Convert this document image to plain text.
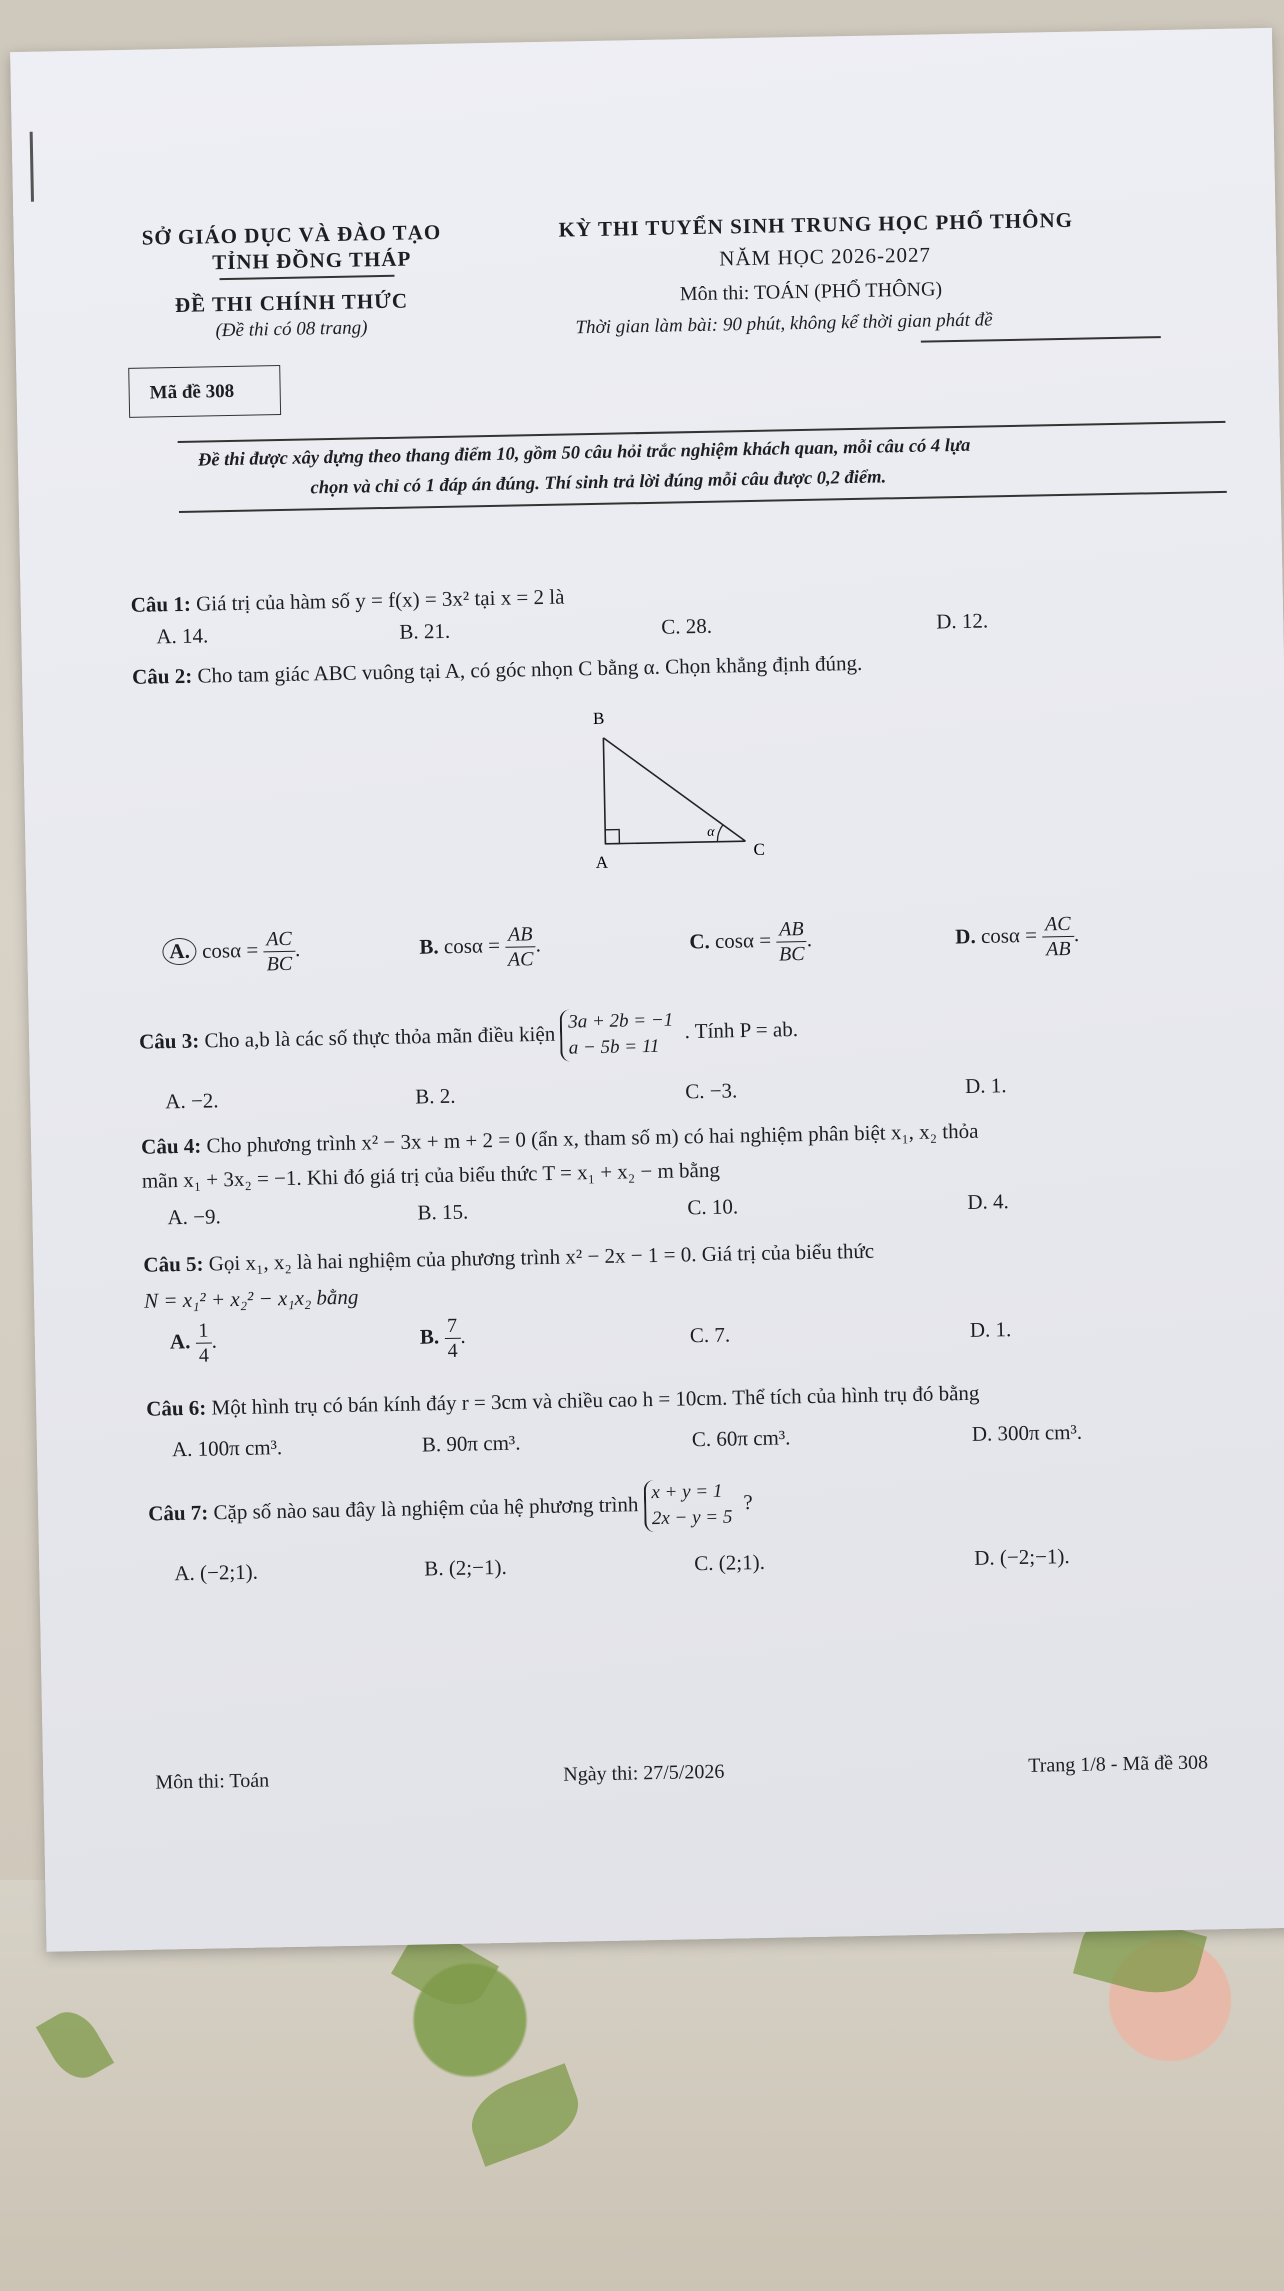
SỞ GIÁO DỤC VÀ ĐÀO TẠO
TỈNH ĐỒNG THÁP
ĐỀ THI CHÍNH THỨC
(Đề thi có 08 trang)
KỲ THI TUYỂN SINH TRUNG HỌC PHỔ THÔNG
NĂM HỌC 2026-2027
Môn thi: TOÁN (PHỔ THÔNG)
Thời gian làm bài: 90 phút, không kể thời gian phát đề
Mã đề 308
Đề thi được xây dựng theo thang điểm 10, gồm 50 câu hỏi trắc nghiệm khách quan, mỗi câu có 4 lựa
chọn và chỉ có 1 đáp án đúng. Thí sinh trả lời đúng mỗi câu được 0,2 điểm.
Câu 1: Giá trị của hàm số y = f(x) = 3x² tại x = 2 là
A. 14.	B. 21.	C. 28.	D. 12.
Câu 2: Cho tam giác ABC vuông tại A, có góc nhọn C bằng α. Chọn khẳng định đúng.
B
α
A
C
A. $\cos\alpha = \frac{AC}{BC}$ .	B. $\cos\alpha = \frac{AB}{AC}$ .	C. $\cos\alpha = \frac{AB}{BC}$ .	D. $\cos\alpha = \frac{AC}{AB}$ .
Câu 3: Cho a,b là các số thực thỏa mãn điều kiện
3a + 2b = −1
a − 5b = 11
. Tính P = ab.
A. −2.	B. 2.	C. −3.	D. 1.
Câu 4: Cho phương trình x² − 3x + m + 2 = 0 (ẩn x, tham số m) có hai nghiệm phân biệt x₁, x₂ thỏa
mãn x₁ + 3x₂ = −1. Khi đó giá trị của biểu thức T = x₁ + x₂ − m bằng
A. −9.	B. 15.	C. 10.	D. 4.
Câu 5: Gọi x₁, x₂ là hai nghiệm của phương trình x² − 2x − 1 = 0. Giá trị của biểu thức
N = x₁² + x₂² − x₁x₂ bằng
A. $\frac{1}{4}$ .	B. $\frac{7}{4}$ .	C. 7.	D. 1.
Câu 6: Một hình trụ có bán kính đáy r = 3cm và chiều cao h = 10cm. Thể tích của hình trụ đó bằng
A. 100π cm³.	B. 90π cm³.	C. 60π cm³.	D. 300π cm³.
Câu 7: Cặp số nào sau đây là nghiệm của hệ phương trình
x + y = 1
2x − y = 5
?
A. (−2;1).	B. (2;−1).	C. (2;1).	D. (−2;−1).
Môn thi: Toán	Ngày thi: 27/5/2026	Trang 1/8 - Mã đề 308
